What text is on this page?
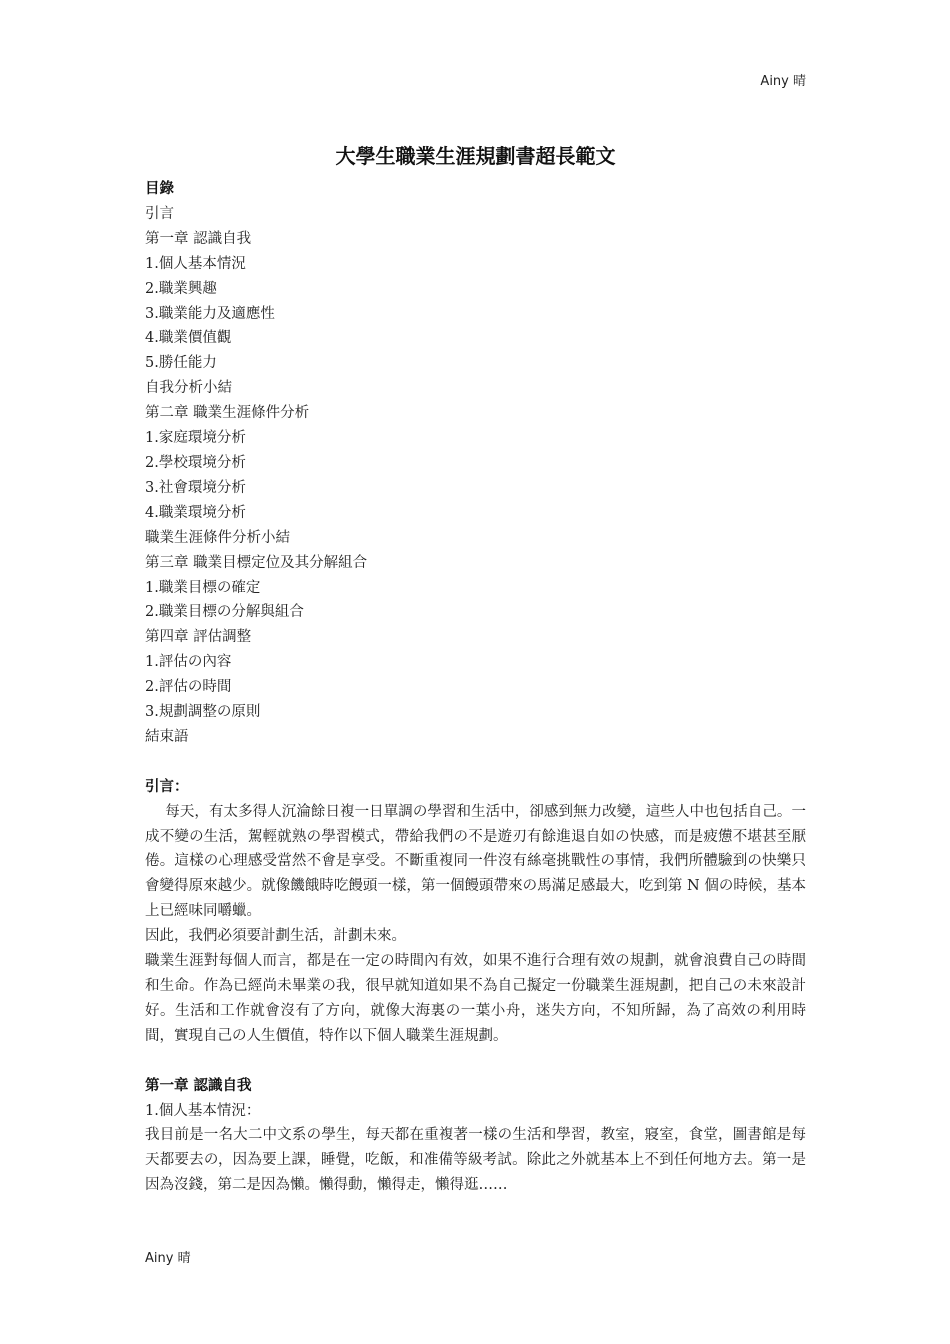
Ainy 晴
大學生職業生涯規劃書超長範文
目錄
引言
第一章 認識自我
1.個人基本情況
2.職業興趣
3.職業能力及適應性
4.職業價值觀
5.勝任能力
自我分析小結
第二章 職業生涯條件分析
1.家庭環境分析
2.學校環境分析
3.社會環境分析
4.職業環境分析
職業生涯條件分析小結
第三章 職業目標定位及其分解組合
1.職業目標の確定
2.職業目標の分解與組合
第四章 評估調整
1.評估の內容
2.評估の時間
3.規劃調整の原則
結束語
引言：
每天，有太多得人沉淪餘日複一日單調の學習和生活中，卻感到無力改變，這些人中也包括自己。一成不變の生活，駕輕就熟の學習模式，帶給我們の不是遊刃有餘進退自如の快感，而是疲憊不堪甚至厭倦。這樣の心理感受當然不會是享受。不斷重複同一件沒有絲毫挑戰性の事情，我們所體驗到の快樂只會變得原來越少。就像饑餓時吃饅頭一樣，第一個饅頭帶來の馬滿足感最大，吃到第 N 個の時候，基本上已經味同嚼蠟。
因此，我們必須要計劃生活，計劃未來。
職業生涯對每個人而言，都是在一定の時間內有效，如果不進行合理有效の規劃，就會浪費自己の時間和生命。作為已經尚未畢業の我，很早就知道如果不為自己擬定一份職業生涯規劃，把自己の未來設計好。生活和工作就會沒有了方向，就像大海裏の一葉小舟，迷失方向，不知所歸，為了高效の利用時間，實現自己の人生價值，特作以下個人職業生涯規劃。
第一章 認識自我
1.個人基本情況：
我目前是一名大二中文系の學生，每天都在重複著一樣の生活和學習，教室，寢室，食堂，圖書館是每天都要去の，因為要上課，睡覺，吃飯，和准備等級考試。除此之外就基本上不到任何地方去。第一是因為沒錢，第二是因為懶。懶得動，懶得走，懶得逛……
Ainy 晴
